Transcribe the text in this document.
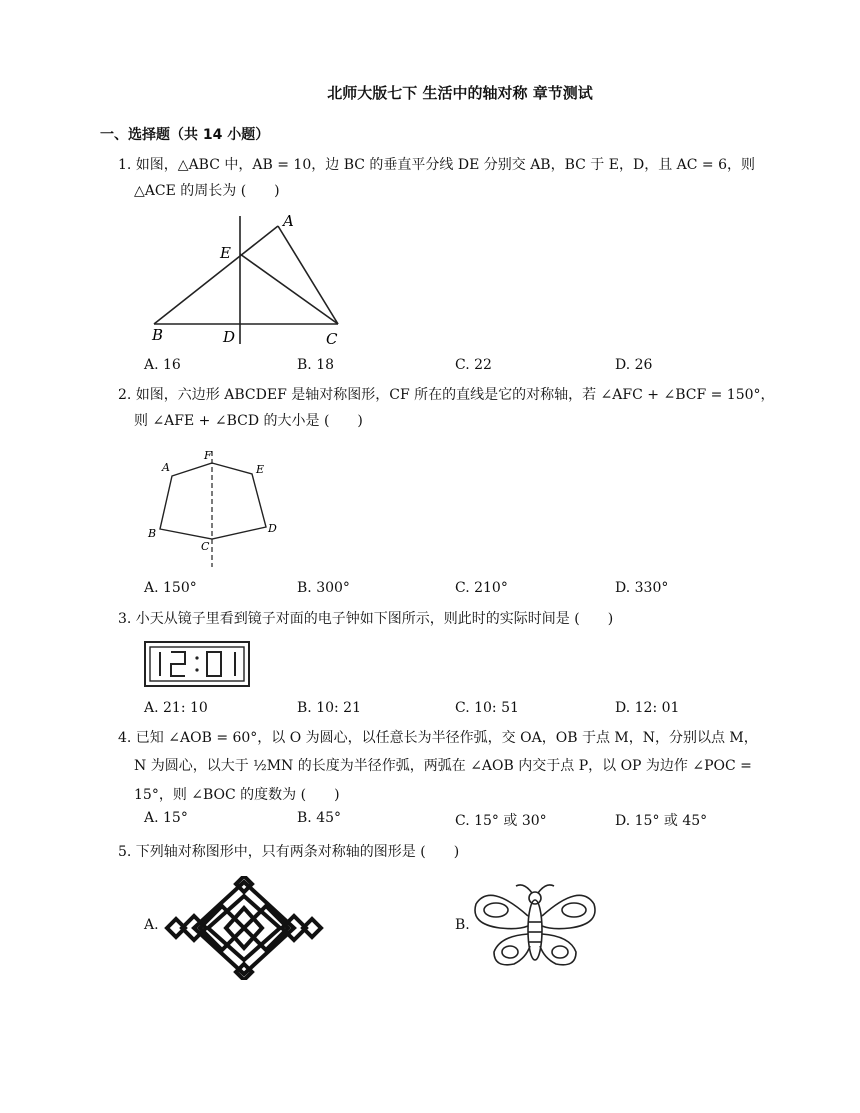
北师大版七下 生活中的轴对称 章节测试
一、选择题（共 14 小题）
1. 如图，△ABC 中，AB = 10，边 BC 的垂直平分线 DE 分别交 AB，BC 于 E，D，且 AC = 6，则
△ACE 的周长为 (　　)
A
E
B	D	C
A. 16	B. 18	C. 22	D. 26
2. 如图，六边形 ABCDEF 是轴对称图形，CF 所在的直线是它的对称轴，若 ∠AFC + ∠BCF = 150°，
则 ∠AFE + ∠BCD 的大小是 (　　)
F
A	E
B	D
C
A. 150°	B. 300°	C. 210°	D. 330°
3. 小天从镜子里看到镜子对面的电子钟如下图所示，则此时的实际时间是 (　　)
A. 21: 10	B. 10: 21	C. 10: 51	D. 12: 01
4. 已知 ∠AOB = 60°，以 O 为圆心，以任意长为半径作弧，交 OA，OB 于点 M，N，分别以点 M，
N 为圆心，以大于 ½MN 的长度为半径作弧，两弧在 ∠AOB 内交于点 P，以 OP 为边作 ∠POC =
15°，则 ∠BOC 的度数为 (　　)
A. 15°	B. 45°	C. 15° 或 30°	D. 15° 或 45°
5. 下列轴对称图形中，只有两条对称轴的图形是 (　　)
A.	B.
